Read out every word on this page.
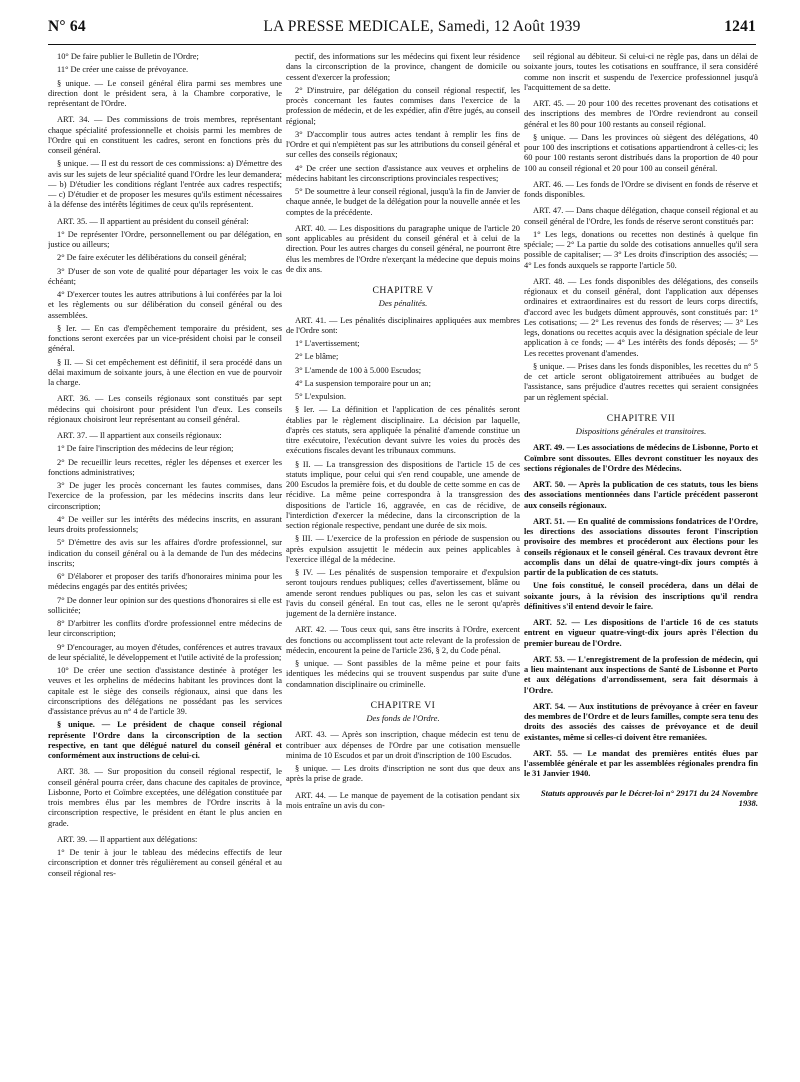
N° 64	LA PRESSE MEDICALE, Samedi, 12 Août 1939	1241

10° De faire publier le Bulletin de l'Ordre;

11° De créer une caisse de prévoyance.

§ unique. — Le conseil général élira parmi ses membres une direction dont le président sera, à la Chambre corporative, le représentant de l'Ordre.

ART. 34. — Des commissions de trois membres, représentant chaque spécialité professionnelle et choisis parmi les membres de l'Ordre qui en constituent les cadres, seront en fonctions près du conseil général.

§ unique. — Il est du ressort de ces commissions: a) D'émettre des avis sur les sujets de leur spécialité quand l'Ordre les leur demandera; — b) D'étudier les conditions réglant l'entrée aux cadres respectifs; — c) D'étudier et de proposer les mesures qu'ils estiment nécessaires à la défense des intérêts légitimes de ceux qu'ils représentent.

ART. 35. — Il appartient au président du conseil général:

1° De représenter l'Ordre, personnellement ou par délégation, en justice ou ailleurs;

2° De faire exécuter les délibérations du conseil général;

3° D'user de son vote de qualité pour départager les voix le cas échéant;

4° D'exercer toutes les autres attributions à lui conférées par la loi et les règlements ou sur délibération du conseil général ou des assemblées.

§ Ier. — En cas d'empêchement temporaire du président, ses fonctions seront exercées par un vice-président choisi par le conseil général.

§ II. — Si cet empêchement est définitif, il sera procédé dans un délai maximum de soixante jours, à une élection en vue de pourvoir la charge.

ART. 36. — Les conseils régionaux sont constitués par sept médecins qui choisiront pour président l'un d'eux. Les conseils régionaux choisiront leur représentant au conseil général.

ART. 37. — Il appartient aux conseils régionaux:

1° De faire l'inscription des médecins de leur région;

2° De recueillir leurs recettes, régler les dépenses et exercer les fonctions administratives;

3° De juger les procès concernant les fautes commises, dans l'exercice de la profession, par les médecins inscrits dans leur circonscription;

4° De veiller sur les intérêts des médecins inscrits, en assurant leurs droits professionnels;

5° D'émettre des avis sur les affaires d'ordre professionnel, sur indication du conseil général ou à la demande de l'un des médecins inscrits;

6° D'élaborer et proposer des tarifs d'honoraires minima pour les médecins engagés par des entités privées;

7° De donner leur opinion sur des questions d'honoraires si elle est sollicitée;

8° D'arbitrer les conflits d'ordre professionnel entre médecins de leur circonscription;

9° D'encourager, au moyen d'études, conférences et autres travaux de leur spécialité, le développement et l'utile activité de la profession;

10° De créer une section d'assistance destinée à protéger les veuves et les orphelins de médecins habitant les provinces dont la capitale est le siège des conseils régionaux, ainsi que dans les circonscriptions des délégations ne possédant pas les services d'assistance prévus au n° 4 de l'article 39.

§ unique. — Le président de chaque conseil régional représente l'Ordre dans la circonscription de la section respective, en tant que délégué naturel du conseil général et conformément aux instructions de celui-ci.

ART. 38. — Sur proposition du conseil régional respectif, le conseil général pourra créer, dans chacune des capitales de province, Lisbonne, Porto et Coïmbre exceptées, une délégation constituée par trois membres élus par les membres de l'Ordre inscrits à la circonscription respective, le président en étant le plus ancien en grade.

ART. 39. — Il appartient aux délégations:

1° De tenir à jour le tableau des médecins effectifs de leur circonscription et donner très régulièrement au conseil général et au conseil régional res-

pectif, des informations sur les médecins qui fixent leur résidence dans la circonscription de la province, changent de domicile ou cessent d'exercer la profession;

2° D'instruire, par délégation du conseil régional respectif, les procès concernant les fautes commises dans l'exercice de la profession de médecin, et de les expédier, afin d'être jugés, au conseil régional;

3° D'accomplir tous autres actes tendant à remplir les fins de l'Ordre et qui n'empiètent pas sur les attributions du conseil général et sur celles des conseils régionaux;

4° De créer une section d'assistance aux veuves et orphelins de médecins habitant les circonscriptions provinciales respectives;

5° De soumettre à leur conseil régional, jusqu'à la fin de Janvier de chaque année, le budget de la délégation pour la nouvelle année et les comptes de la précédente.

ART. 40. — Les dispositions du paragraphe unique de l'article 20 sont applicables au président du conseil général et à celui de la direction. Pour les autres charges du conseil général, ne pourront être élus les membres de l'Ordre n'exerçant la médecine que depuis moins de dix ans.

CHAPITRE V
Des pénalités.

ART. 41. — Les pénalités disciplinaires appliquées aux membres de l'Ordre sont:

1° L'avertissement;

2° Le blâme;

3° L'amende de 100 à 5.000 Escudos;

4° La suspension temporaire pour un an;

5° L'expulsion.

§ Ier. — La définition et l'application de ces pénalités seront établies par le règlement disciplinaire. La décision par laquelle, d'après ces statuts, sera appliquée la pénalité d'amende constitue un titre exécutoire, l'exécution devant suivre les voies du procès des exécutions fiscales devant les tribunaux communs.

§ II. — La transgression des dispositions de l'article 15 de ces statuts implique, pour celui qui s'en rend coupable, une amende de 200 Escudos la première fois, et du double de cette somme en cas de récidive. La même peine correspondra à la transgression des dispositions de l'article 16, aggravée, en cas de récidive, de l'interdiction d'exercer la médecine, dans la circonscription de la section régionale respective, pendant une durée de six mois.

§ III. — L'exercice de la profession en période de suspension ou après expulsion assujettit le médecin aux peines applicables à l'exercice illégal de la médecine.

§ IV. — Les pénalités de suspension temporaire et d'expulsion seront toujours rendues publiques; celles d'avertissement, blâme ou amende seront rendues publiques ou pas, selon les cas et suivant l'avis du conseil général. En tout cas, elles ne le seront qu'après jugement de la dernière instance.

ART. 42. — Tous ceux qui, sans être inscrits à l'Ordre, exercent des fonctions ou accomplissent tout acte relevant de la profession de médecin, encourent la peine de l'article 236, § 2, du Code pénal.

§ unique. — Sont passibles de la même peine et pour faits identiques les médecins qui se trouvent suspendus par suite d'une condamnation disciplinaire ou criminelle.

CHAPITRE VI
Des fonds de l'Ordre.

ART. 43. — Après son inscription, chaque médecin est tenu de contribuer aux dépenses de l'Ordre par une cotisation mensuelle minima de 10 Escudos et par un droit d'inscription de 100 Escudos.

§ unique. — Les droits d'inscription ne sont dus que deux ans après la prise de grade.

ART. 44. — Le manque de payement de la cotisation pendant six mois entraîne un avis du con-

seil régional au débiteur. Si celui-ci ne règle pas, dans un délai de soixante jours, toutes les cotisations en souffrance, il sera considéré comme non inscrit et suspendu de l'exercice professionnel jusqu'à l'acquittement de sa dette.

ART. 45. — 20 pour 100 des recettes provenant des cotisations et des inscriptions des membres de l'Ordre reviendront au conseil général et les 80 pour 100 restants au conseil régional.

§ unique. — Dans les provinces où siègent des délégations, 40 pour 100 des inscriptions et cotisations appartiendront à celles-ci; les 60 pour 100 restants seront distribués dans la proportion de 40 pour 100 au conseil régional et 20 pour 100 au conseil général.

ART. 46. — Les fonds de l'Ordre se divisent en fonds de réserve et fonds disponibles.

ART. 47. — Dans chaque délégation, chaque conseil régional et au conseil général de l'Ordre, les fonds de réserve seront constitués par:

1° Les legs, donations ou recettes non destinés à quelque fin spéciale; — 2° La partie du solde des cotisations annuelles qu'il sera possible de capitaliser; — 3° Les droits d'inscription des associés; — 4° Les fonds auxquels se rapporte l'article 50.

ART. 48. — Les fonds disponibles des délégations, des conseils régionaux et du conseil général, dont l'application aux dépenses ordinaires et extraordinaires est du ressort de leurs corps directifs, d'accord avec les budgets dûment approuvés, sont constitués par: 1° Les cotisations; — 2° Les revenus des fonds de réserves; — 3° Les legs, donations ou recettes acquis avec la désignation spéciale de leur application à ce fonds; — 4° Les intérêts des fonds déposés; — 5° Les recettes provenant d'amendes.

§ unique. — Prises dans les fonds disponibles, les recettes du n° 5 de cet article seront obligatoirement attribuées au budget de l'assistance, sans préjudice d'autres recettes qui seraient consignées par un règlement spécial.

CHAPITRE VII
Dispositions générales et transitoires.

ART. 49. — Les associations de médecins de Lisbonne, Porto et Coïmbre sont dissoutes. Elles devront constituer les noyaux des sections régionales de l'Ordre des Médecins.

ART. 50. — Après la publication de ces statuts, tous les biens des associations mentionnées dans l'article précédent passeront aux conseils régionaux.

ART. 51. — En qualité de commissions fondatrices de l'Ordre, les directions des associations dissoutes feront l'inscription provisoire des membres et procéderont aux élections pour les conseils régionaux et le conseil général. Ces travaux devront être accomplis dans un délai de quatre-vingt-dix jours comptés à partir de la publication de ces statuts.

Une fois constitué, le conseil procédera, dans un délai de soixante jours, à la révision des inscriptions qu'il rendra définitives s'il entend devoir le faire.

ART. 52. — Les dispositions de l'article 16 de ces statuts entrent en vigueur quatre-vingt-dix jours après l'élection du premier bureau de l'Ordre.

ART. 53. — L'enregistrement de la profession de médecin, qui a lieu maintenant aux inspections de Santé de Lisbonne et Porto et aux délégations d'arrondissement, sera fait désormais à l'Ordre.

ART. 54. — Aux institutions de prévoyance à créer en faveur des membres de l'Ordre et de leurs familles, compte sera tenu des droits des associés des caisses de prévoyance et de deuil existantes, même si celles-ci doivent être remaniées.

ART. 55. — Le mandat des premières entités élues par l'assemblée générale et par les assemblées régionales prendra fin le 31 Janvier 1940.

Statuts approuvés par le Décret-loi n° 29171 du 24 Novembre 1938.
